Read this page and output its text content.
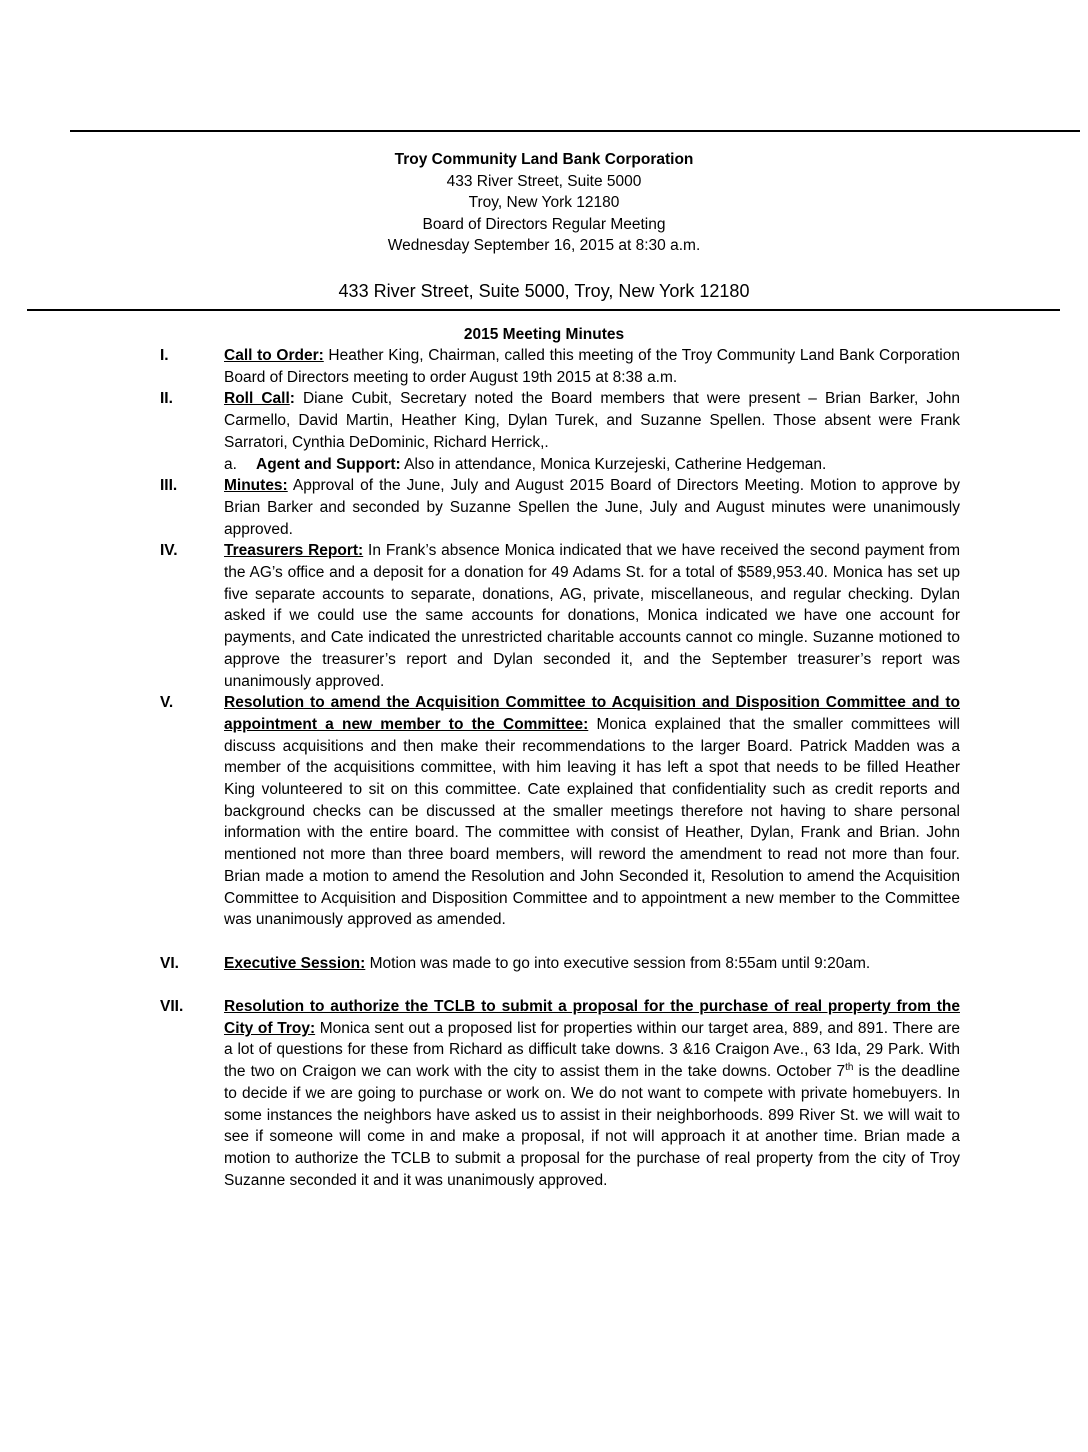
Troy Community Land Bank Corporation
433 River Street, Suite 5000
Troy, New York 12180
Board of Directors Regular Meeting
Wednesday September 16, 2015 at 8:30 a.m.
433 River Street, Suite 5000, Troy, New York 12180
2015 Meeting Minutes
I.	Call to Order: Heather King, Chairman, called this meeting of the Troy Community Land Bank Corporation Board of Directors meeting to order August 19th 2015 at 8:38 a.m.
II.	Roll Call: Diane Cubit, Secretary noted the Board members that were present – Brian Barker, John Carmello, David Martin, Heather King, Dylan Turek, and Suzanne Spellen. Those absent were Frank Sarratori, Cynthia DeDominic, Richard Herrick,.
a.	Agent and Support: Also in attendance, Monica Kurzejeski, Catherine Hedgeman.
III.	Minutes: Approval of the June, July and August 2015 Board of Directors Meeting. Motion to approve by Brian Barker and seconded by Suzanne Spellen the June, July and August minutes were unanimously approved.
IV.	Treasurers Report: In Frank’s absence Monica indicated that we have received the second payment from the AG’s office and a deposit for a donation for 49 Adams St. for a total of $589,953.40. Monica has set up five separate accounts to separate, donations, AG, private, miscellaneous, and regular checking. Dylan asked if we could use the same accounts for donations, Monica indicated we have one account for payments, and Cate indicated the unrestricted charitable accounts cannot co mingle. Suzanne motioned to approve the treasurer’s report and Dylan seconded it, and the September treasurer’s report was unanimously approved.
V.	Resolution to amend the Acquisition Committee to Acquisition and Disposition Committee and to appointment a new member to the Committee: Monica explained that the smaller committees will discuss acquisitions and then make their recommendations to the larger Board. Patrick Madden was a member of the acquisitions committee, with him leaving it has left a spot that needs to be filled Heather King volunteered to sit on this committee. Cate explained that confidentiality such as credit reports and background checks can be discussed at the smaller meetings therefore not having to share personal information with the entire board. The committee with consist of Heather, Dylan, Frank and Brian. John mentioned not more than three board members, will reword the amendment to read not more than four. Brian made a motion to amend the Resolution and John Seconded it, Resolution to amend the Acquisition Committee to Acquisition and Disposition Committee and to appointment a new member to the Committee was unanimously approved as amended.
VI.	Executive Session: Motion was made to go into executive session from 8:55am until 9:20am.
VII.	Resolution to authorize the TCLB to submit a proposal for the purchase of real property from the City of Troy: Monica sent out a proposed list for properties within our target area, 889, and 891. There are a lot of questions for these from Richard as difficult take downs. 3 &16 Craigon Ave., 63 Ida, 29 Park. With the two on Craigon we can work with the city to assist them in the take downs. October 7th is the deadline to decide if we are going to purchase or work on. We do not want to compete with private homebuyers. In some instances the neighbors have asked us to assist in their neighborhoods. 899 River St. we will wait to see if someone will come in and make a proposal, if not will approach it at another time. Brian made a motion to authorize the TCLB to submit a proposal for the purchase of real property from the city of Troy Suzanne seconded it and it was unanimously approved.
